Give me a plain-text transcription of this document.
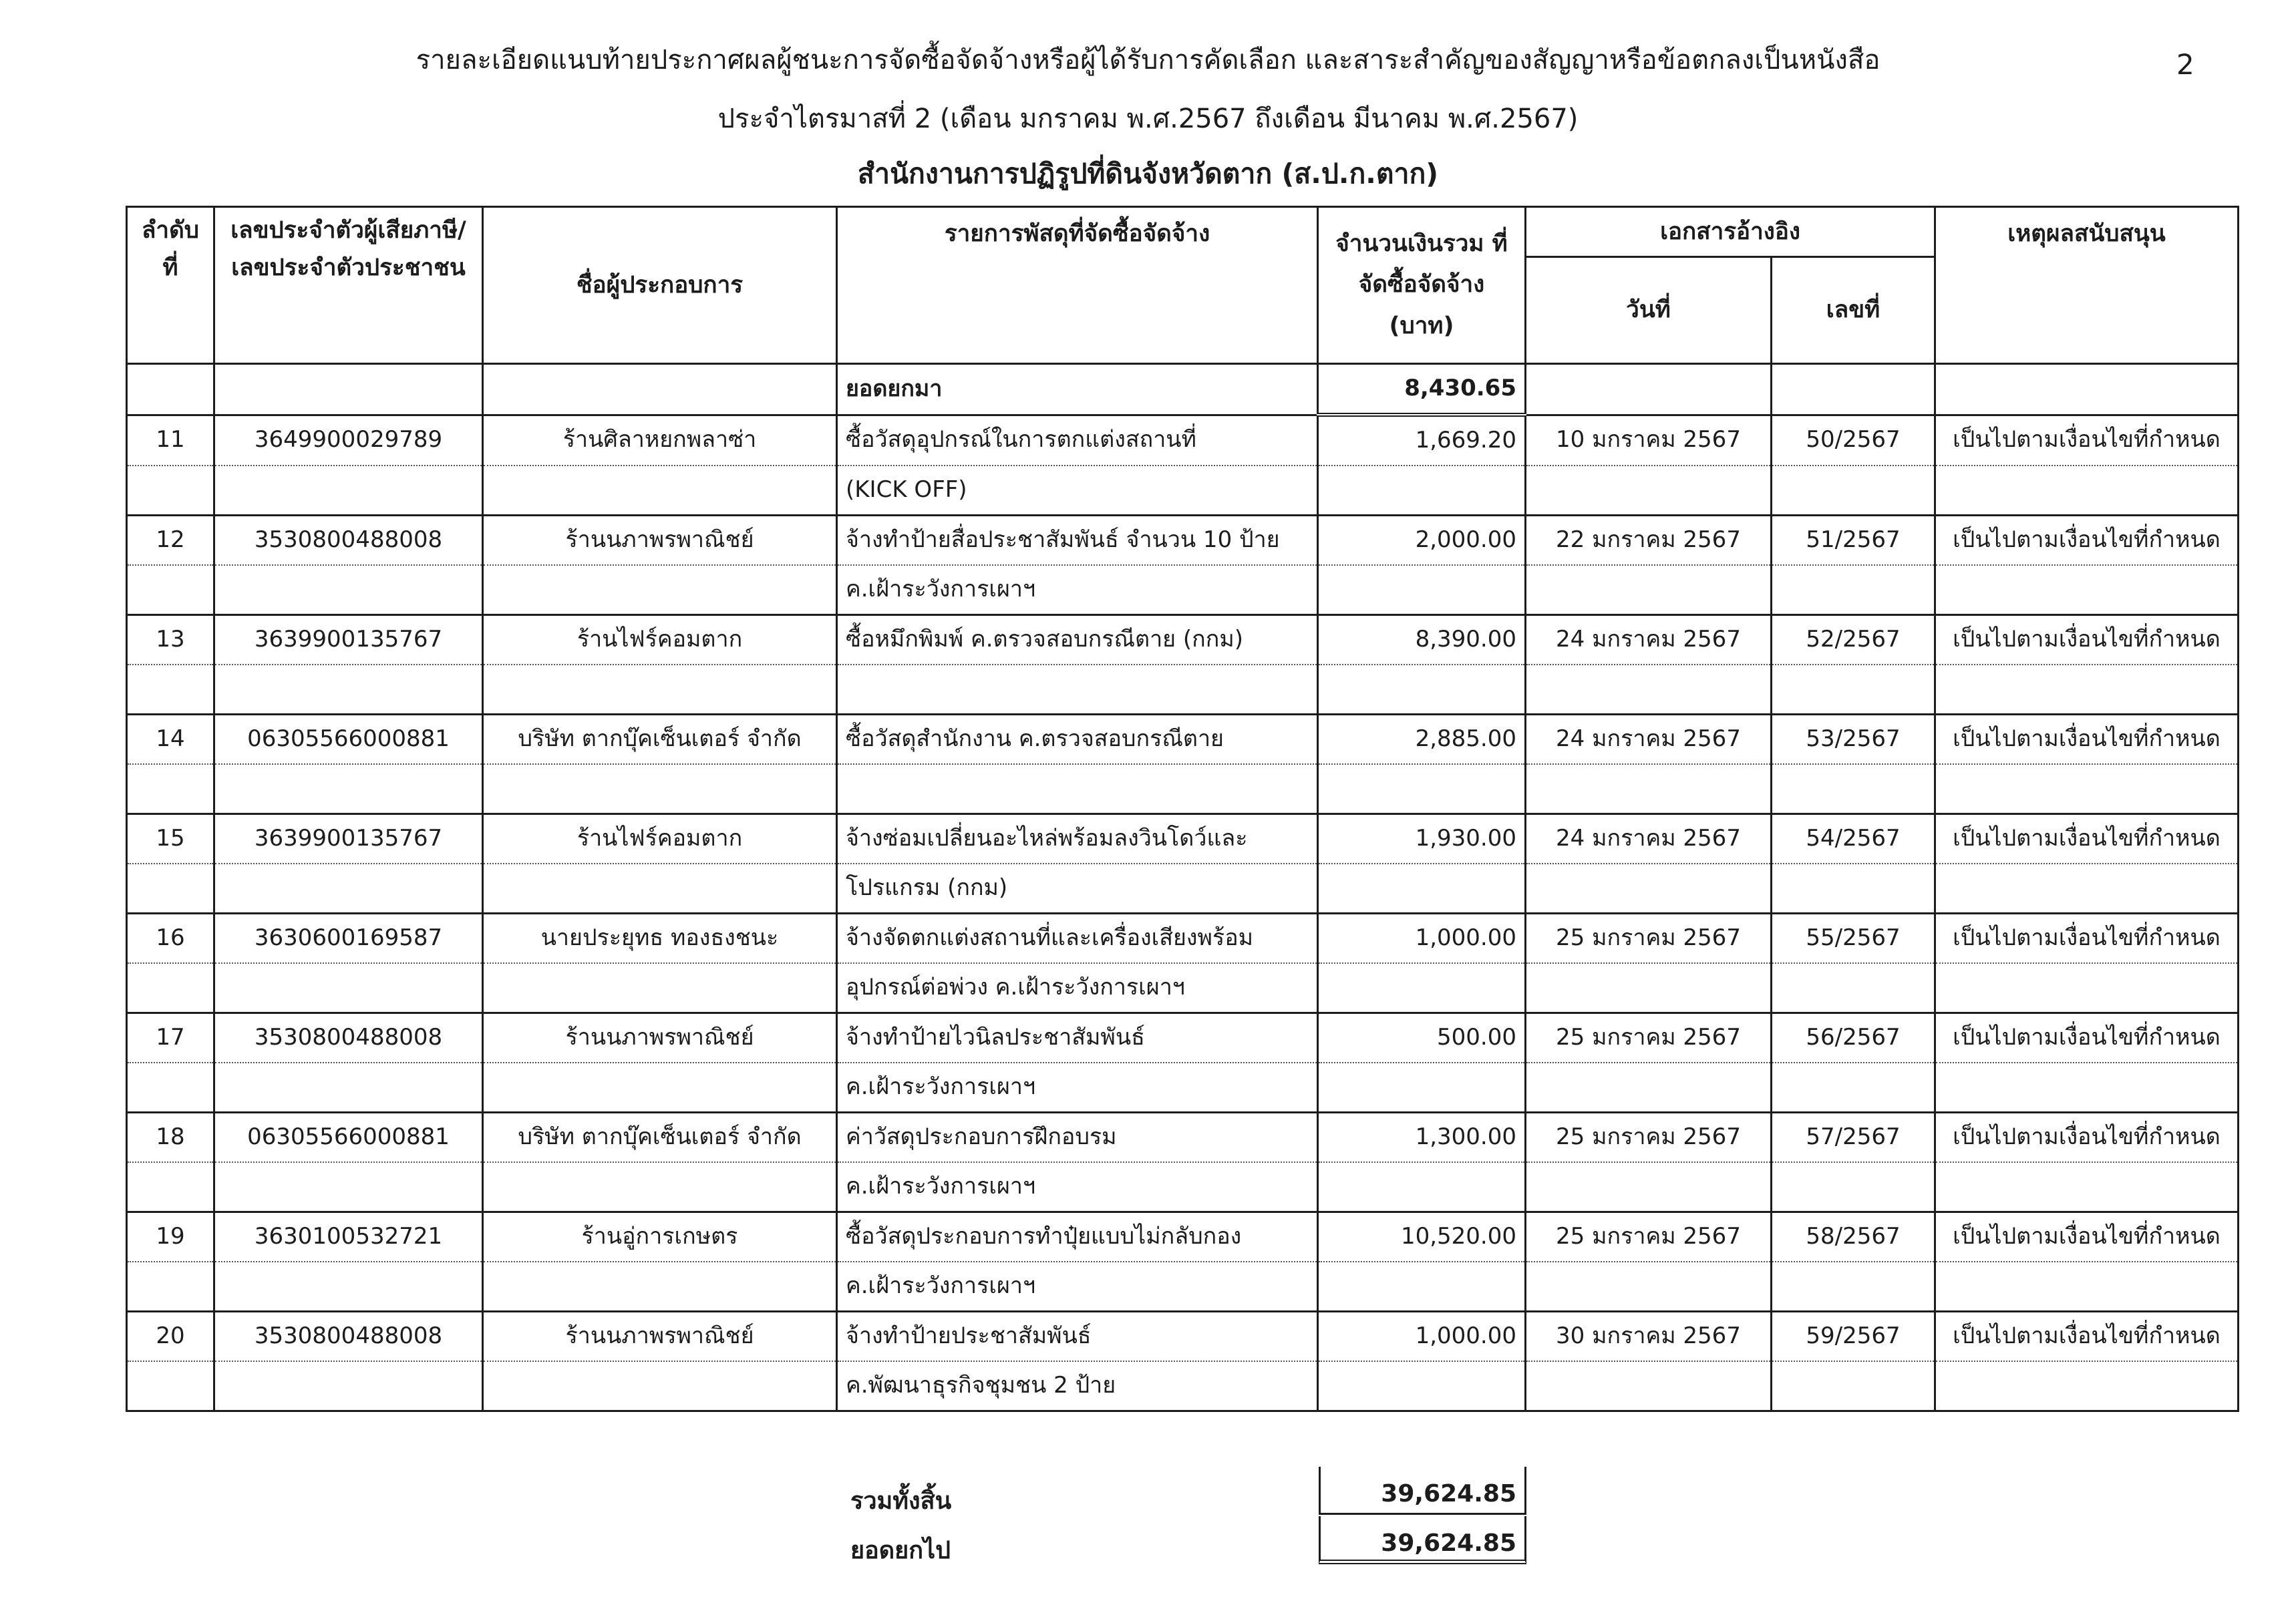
รายละเอียดแนบท้ายประกาศผลผู้ชนะการจัดซื้อจัดจ้างหรือผู้ได้รับการคัดเลือก และสาระสำคัญของสัญญาหรือข้อตกลงเป็นหนังสือ	2
ประจำไตรมาสที่ 2 (เดือน มกราคม พ.ศ.2567 ถึงเดือน มีนาคม พ.ศ.2567)
สำนักงานการปฏิรูปที่ดินจังหวัดตาก (ส.ป.ก.ตาก)
ลำดับที่	เลขประจำตัวผู้เสียภาษี/ เลขประจำตัวประชาชน	ชื่อผู้ประกอบการ	รายการพัสดุที่จัดซื้อจัดจ้าง	จำนวนเงินรวม ที่จัดซื้อจัดจ้าง (บาท)	เอกสารอ้างอิง		เหตุผลสนับสนุน
					วันที่	เลขที่	
			ยอดยกมา	8,430.65			
11	3649900029789	ร้านศิลาหยกพลาซ่า	ซื้อวัสดุอุปกรณ์ในการตกแต่งสถานที่	1,669.20	10 มกราคม 2567	50/2567	เป็นไปตามเงื่อนไขที่กำหนด
			(KICK OFF)				
12	3530800488008	ร้านนภาพรพาณิชย์	จ้างทำป้ายสื่อประชาสัมพันธ์ จำนวน 10 ป้าย	2,000.00	22 มกราคม 2567	51/2567	เป็นไปตามเงื่อนไขที่กำหนด
			ค.เฝ้าระวังการเผาฯ				
13	3639900135767	ร้านไฟร์คอมตาก	ซื้อหมึกพิมพ์ ค.ตรวจสอบกรณีตาย (กกม)	8,390.00	24 มกราคม 2567	52/2567	เป็นไปตามเงื่อนไขที่กำหนด

14	06305566000881	บริษัท ตากบุ๊คเซ็นเตอร์ จำกัด	ซื้อวัสดุสำนักงาน ค.ตรวจสอบกรณีตาย	2,885.00	24 มกราคม 2567	53/2567	เป็นไปตามเงื่อนไขที่กำหนด

15	3639900135767	ร้านไฟร์คอมตาก	จ้างซ่อมเปลี่ยนอะไหล่พร้อมลงวินโดว์และ	1,930.00	24 มกราคม 2567	54/2567	เป็นไปตามเงื่อนไขที่กำหนด
			โปรแกรม (กกม)				
16	3630600169587	นายประยุทธ ทองธงชนะ	จ้างจัดตกแต่งสถานที่และเครื่องเสียงพร้อม	1,000.00	25 มกราคม 2567	55/2567	เป็นไปตามเงื่อนไขที่กำหนด
			อุปกรณ์ต่อพ่วง ค.เฝ้าระวังการเผาฯ				
17	3530800488008	ร้านนภาพรพาณิชย์	จ้างทำป้ายไวนิลประชาสัมพันธ์	500.00	25 มกราคม 2567	56/2567	เป็นไปตามเงื่อนไขที่กำหนด
			ค.เฝ้าระวังการเผาฯ				
18	06305566000881	บริษัท ตากบุ๊คเซ็นเตอร์ จำกัด	ค่าวัสดุประกอบการฝึกอบรม	1,300.00	25 มกราคม 2567	57/2567	เป็นไปตามเงื่อนไขที่กำหนด
			ค.เฝ้าระวังการเผาฯ				
19	3630100532721	ร้านอู่การเกษตร	ซื้อวัสดุประกอบการทำปุ๋ยแบบไม่กลับกอง	10,520.00	25 มกราคม 2567	58/2567	เป็นไปตามเงื่อนไขที่กำหนด
			ค.เฝ้าระวังการเผาฯ				
20	3530800488008	ร้านนภาพรพาณิชย์	จ้างทำป้ายประชาสัมพันธ์	1,000.00	30 มกราคม 2567	59/2567	เป็นไปตามเงื่อนไขที่กำหนด
			ค.พัฒนาธุรกิจชุมชน 2 ป้าย				
รวมทั้งสิ้น	39,624.85
ยอดยกไป	39,624.85
